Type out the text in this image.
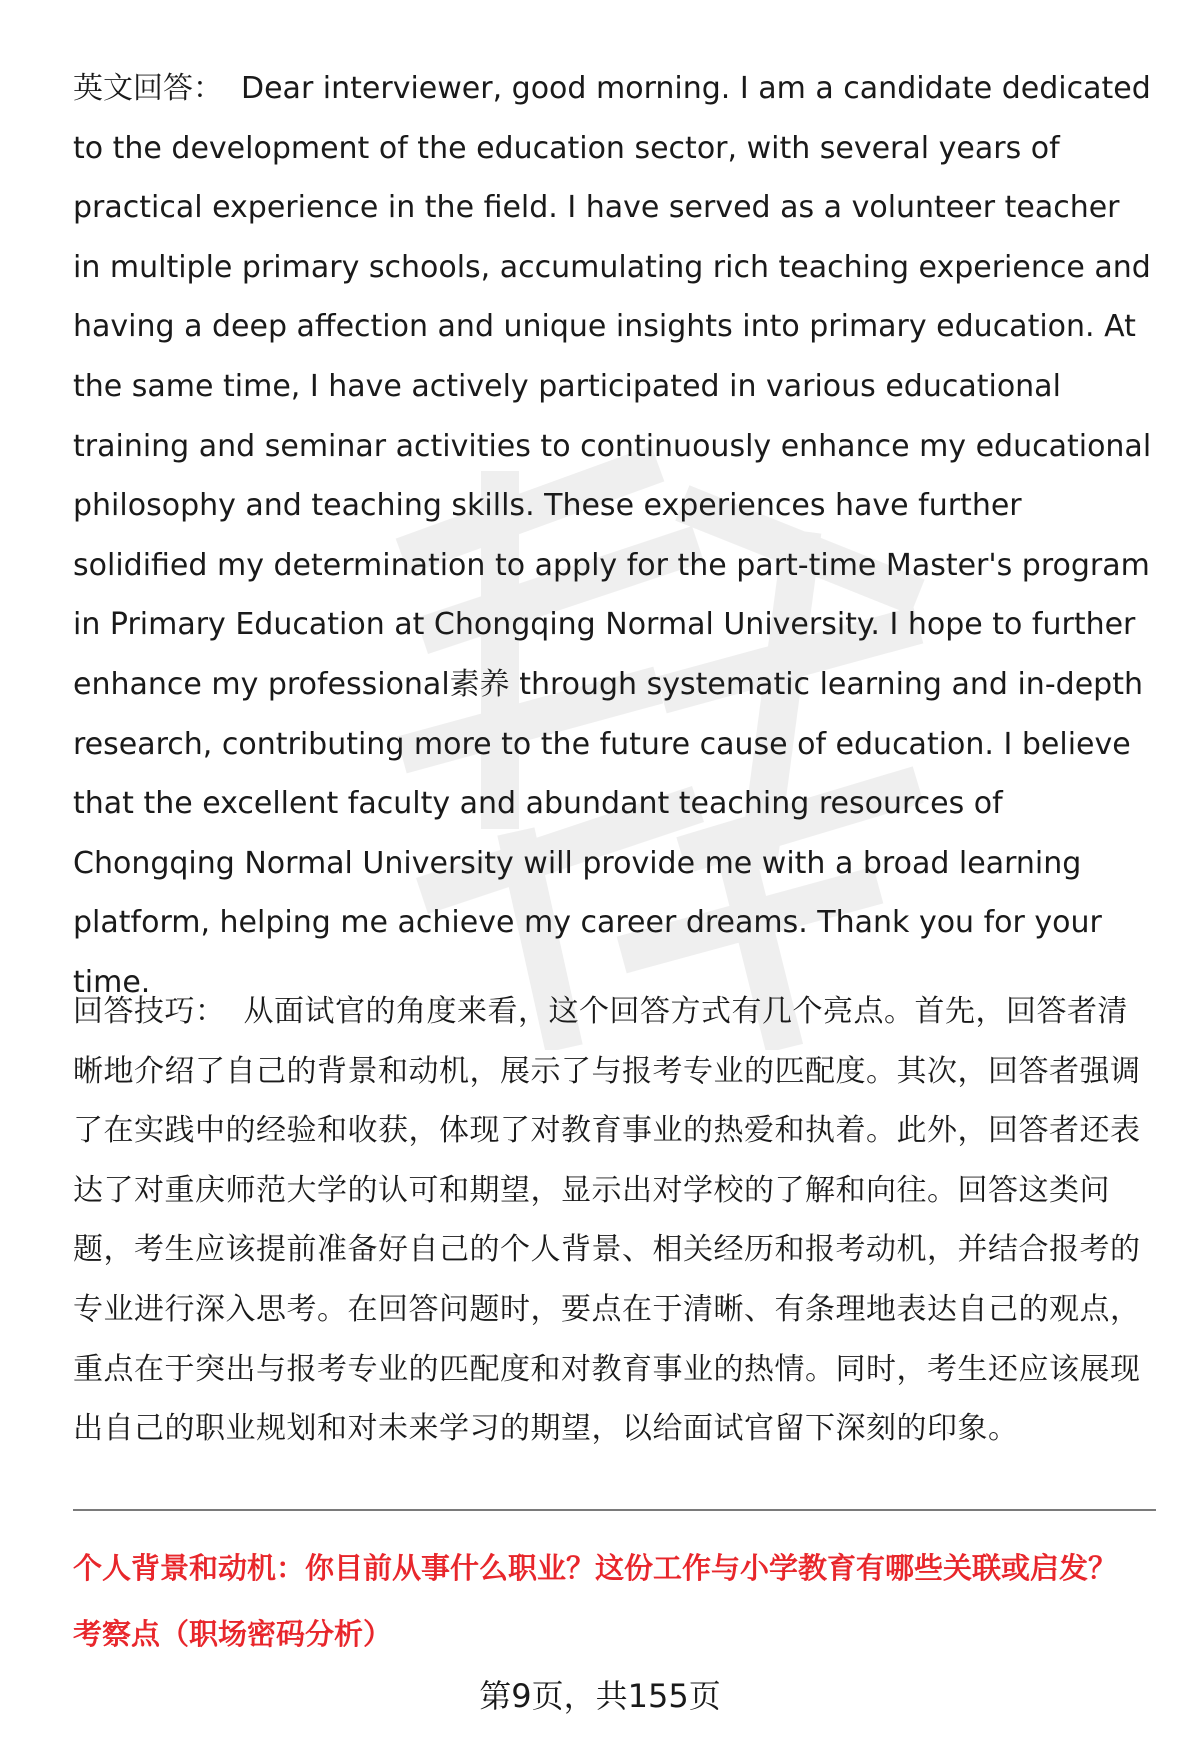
英文回答： Dear interviewer, good morning. I am a candidate dedicated to the development of the education sector, with several years of practical experience in the field. I have served as a volunteer teacher in multiple primary schools, accumulating rich teaching experience and having a deep affection and unique insights into primary education. At the same time, I have actively participated in various educational training and seminar activities to continuously enhance my educational philosophy and teaching skills. These experiences have further solidified my determination to apply for the part-time Master's program in Primary Education at Chongqing Normal University. I hope to further enhance my professional素养 through systematic learning and in-depth research, contributing more to the future cause of education. I believe that the excellent faculty and abundant teaching resources of Chongqing Normal University will provide me with a broad learning platform, helping me achieve my career dreams. Thank you for your time.

回答技巧： 从面试官的角度来看，这个回答方式有几个亮点。首先，回答者清晰地介绍了自己的背景和动机，展示了与报考专业的匹配度。其次，回答者强调了在实践中的经验和收获，体现了对教育事业的热爱和执着。此外，回答者还表达了对重庆师范大学的认可和期望，显示出对学校的了解和向往。回答这类问题，考生应该提前准备好自己的个人背景、相关经历和报考动机，并结合报考的专业进行深入思考。在回答问题时，要点在于清晰、有条理地表达自己的观点，重点在于突出与报考专业的匹配度和对教育事业的热情。同时，考生还应该展现出自己的职业规划和对未来学习的期望，以给面试官留下深刻的印象。

个人背景和动机：你目前从事什么职业？这份工作与小学教育有哪些关联或启发？
考察点（职场密码分析）
第9页，共155页
